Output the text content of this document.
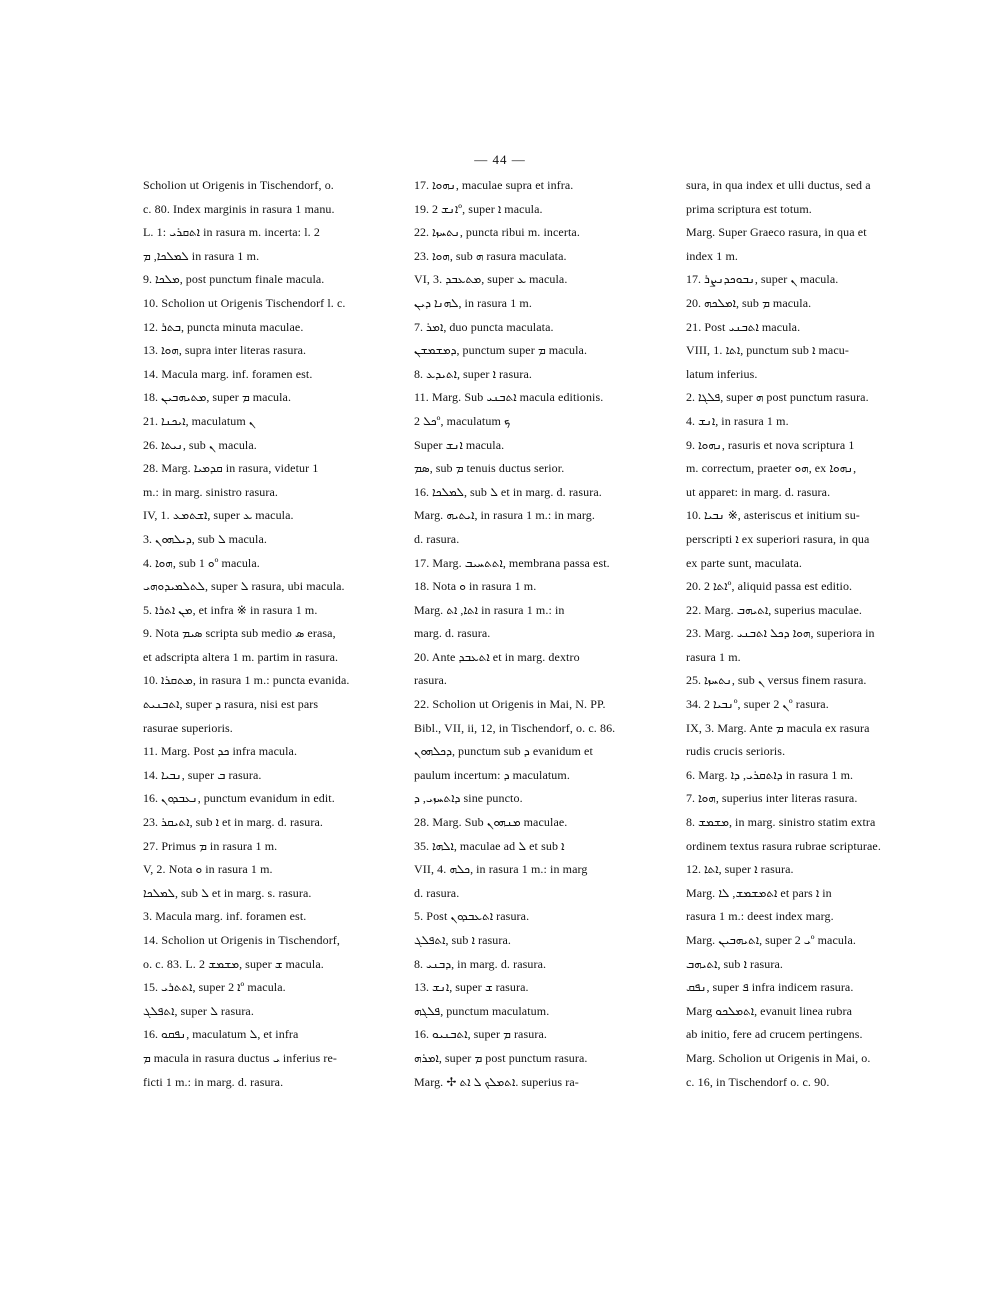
— 44 —
Scholion ut Origenis in Tischendorf, o.
c. 80. Index marginis in rasura 1 manu.
L. 1: ܐܬܩܪܝ in rasura m. incerta: l. 2
ܠܡܠܟܐ, ܡ in rasura 1 m.
9. ܡܠܟܐ, post punctum finale macula.
10. Scholion ut Origenis Tischendorf l. c.
12. ܒܬܪ, puncta minuta maculae.
13. ܗܘܐ, supra inter literas rasura.
14. Macula marg. inf. foramen est.
18. ܡܬܝܗܒܝܢ, super ܡ macula.
21. ܐܝܟܢܐ, maculatum ܢ
26. ܢܝܬܐ, sub ܢ macula.
28. Marg. ܩܕܡܝܐ in rasura, videtur 1
m.: in marg. sinistro rasura.
IV, 1. ܐܫܬܡܥ, super ܥ macula.
3. ܕܝܠܗܘܢ, sub ܠ macula.
4. ܗܘܐ, sub ܘ 1º macula.
ܠܬܠܡܝܕܘܗܝ, super ܠ rasura, ubi macula.
5. ܡܢ ܐܬܪܐ, et infra ※ in rasura 1 m.
9. Nota ܣܝܡ scripta sub medio ܣ erasa,
et adscripta altera 1 m. partim in rasura.
10. ܡܬܩܪܐ, in rasura 1 m.: puncta evanida.
ܐܬܒܢܝܬ, super ܕ rasura, nisi est pars
rasurae superioris.
11. Marg. Post ܟܕ infra macula.
14. ܢܒܝܐ, super ܒ rasura.
16. ܢܥܒܕܘܢ, punctum evanidum in edit.
23. ܐܬܝܩܪ, sub ܐ et in marg. d. rasura.
27. Primus ܡ in rasura 1 m.
V, 2. Nota ܘ in rasura 1 m.
ܠܡܠܟܐ, sub ܠ et in marg. s. rasura.
3. Macula marg. inf. foramen est.
14. Scholion ut Origenis in Tischendorf,
o. c. 83. L. 2 ܡܫܡܫ, super ܫ macula.
15. ܐܬܬܪܝ, super ܐ 2º macula.
ܐܬܦܠܓ, super ܠ rasura.
16. ܢܦܩܘ, maculatum ܠ, et infra
ܡ macula in rasura ductus ܝ inferius re-
ficti 1 m.: in marg. d. rasura.
17. ܢܗܘܐ, maculae supra et infra.
19. ܐܢܫ 2º, super ܐ macula.
22. ܢܬܚܙܐ, puncta ribui m. incerta.
23. ܗܘܐ, sub ܗ rasura maculata.
VI, 3. ܡܬܥܒܕ, super ܥ macula.
ܠܗܢܐ ܕܝܢ, in rasura 1 m.
7. ܐܡܪ, duo puncta maculata.
ܕܡܫܡܫܢ, punctum super ܡ macula.
8. ܐܬܝܕܥ, super ܐ rasura.
11. Marg. Sub ܐܬܒܢܝ macula editionis.
ܟܠ 2º, maculatum ܟ
Super ܐܢܫ macula.
ܣܡ, sub ܡ tenuis ductus serior.
16. ܠܡܠܟܐ, sub ܠ et in marg. d. rasura.
Marg. ܐܝܬܝܗ, in rasura 1 m.: in marg.
d. rasura.
17. Marg. ܐܬܬܚܝܒ, membrana passa est.
18. Nota ܘ in rasura 1 m.
Marg. ܐܬܐ, ܐܬ in rasura 1 m.: in
marg. d. rasura.
20. Ante ܐܬܥܒܕ et in marg. dextro
rasura.
22. Scholion ut Origenis in Mai, N. PP.
Bibl., VII, ii, 12, in Tischendorf, o. c. 86.
ܕܟܠܗܘܢ, punctum sub ܕ evanidum et
paulum incertum: ܕ maculatum.
ܕܐܬܚܙܝ, ܕ sine puncto.
28. Marg. Sub ܡܢܗܘܢ maculae.
35. ܐܠܗܐ, maculae ad ܠ et sub ܐ
VII, 4. ܟܠܗ, in rasura 1 m.: in marg
d. rasura.
5. Post ܐܬܥܒܕܘܢ rasura.
ܐܬܦܠܓ, sub ܐ rasura.
8. ܕܒܢܝ, in marg. d. rasura.
13. ܐܢܫ, super ܫ rasura.
ܦܠܓܗ, punctum maculatum.
16. ܐܬܒܢܝܘ, super ܡ rasura.
ܐܡܪܗ, super ܡ post punctum rasura.
Marg. ✢ ܐܬܡܠܟ ܠ ܐܬ. superius ra-
sura, in qua index et ulli ductus, sed a
prima scriptura est totum.
Marg. Super Graeco rasura, in qua et
index 1 m.
17. ܢܒܘܟܕܢܨܪ, super ܢ macula.
20. ܐܡܠܟܗ, sub ܡ macula.
21. Post ܐܬܒܢܝ macula.
VIII, 1. ܐܬܐ, punctum sub ܐ macu-
latum inferius.
2. ܦܠܓܐ, super ܗ post punctum rasura.
4. ܐܢܫ, in rasura 1 m.
9. ܢܗܘܐ, rasuris et nova scriptura 1
m. correctum, praeter ܗܘ, ex ܢܗܘܐ,
ut apparet: in marg. d. rasura.
10. ܢܒܝܐ ※, asteriscus et initium su-
perscripti ܐ ex superiori rasura, in qua
ex parte sunt, maculata.
20. ܐܬܐ 2º, aliquid passa est editio.
22. Marg. ܐܬܝܗܒ, superius maculae.
23. Marg. ܗܘܐ ܕܟܠ ܐܬܒܢܝ, superiora in
rasura 1 m.
25. ܢܬܚܙܐ, sub ܢ versus finem rasura.
34. ܢܒܝܐ 2º, super ܢ 2º rasura.
IX, 3. Marg. Ante ܡ macula ex rasura
rudis crucis serioris.
6. Marg. ܕܐܬܩܪܝ, ܕܐ in rasura 1 m.
7. ܗܘܐ, superius inter literas rasura.
8. ܡܫܡܫ, in marg. sinistro statim extra
ordinem textus rasura rubrae scripturae.
12. ܐܬܐ, super ܐ rasura.
Marg. ܐܬܡܫܡܫ, ܠܐ et pars ܐ in
rasura 1 m.: deest index marg.
Marg. ܐܬܝܗܒܝܢ, super ܝ 2º macula.
ܐܬܝܗܒ, sub ܐ rasura.
ܢܦܩ, super ܦ infra indicem rasura.
Marg ܐܬܡܠܟܘ, evanuit linea rubra
ab initio, fere ad crucem pertingens.
Marg. Scholion ut Origenis in Mai, o.
c. 16, in Tischendorf o. c. 90.
